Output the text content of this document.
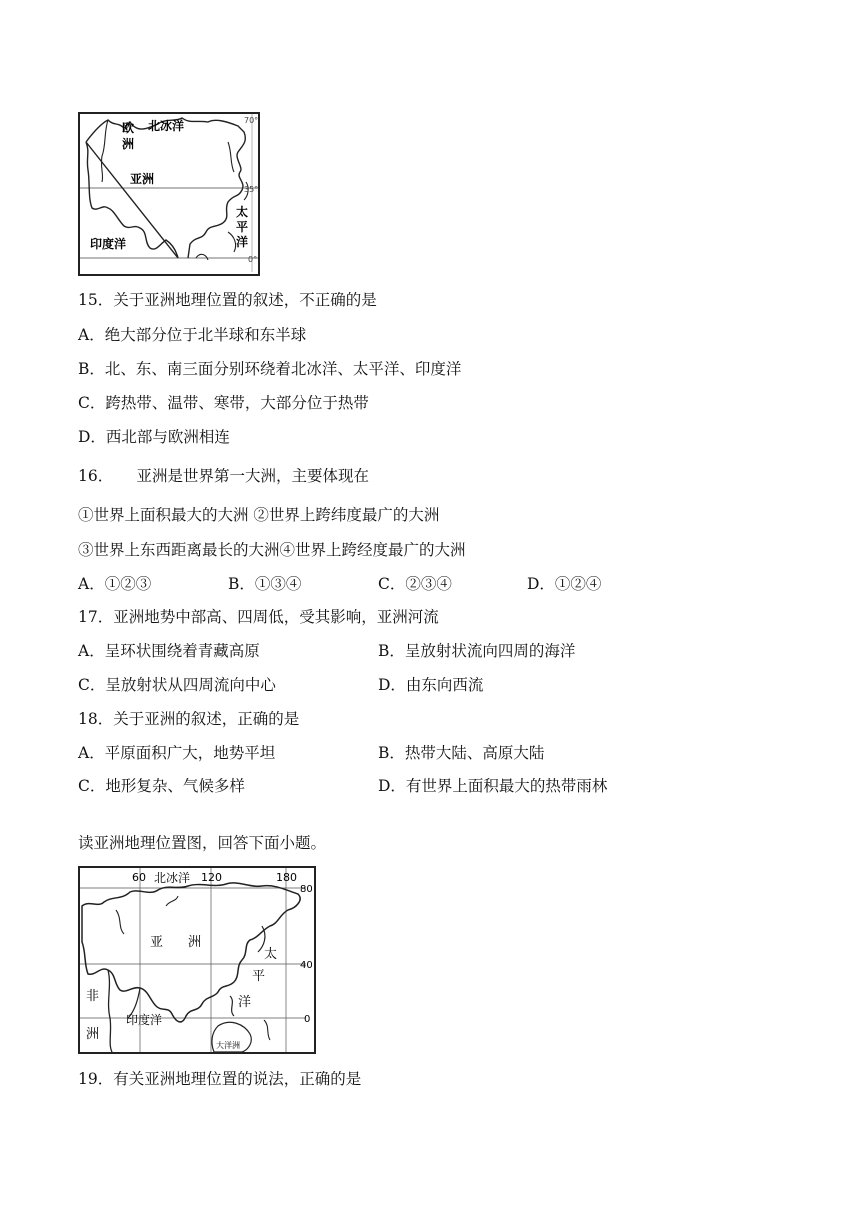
欧
洲
北冰洋
亚洲
印度洋
太
平
洋
70°
35°
0°
15．关于亚洲地理位置的叙述，不正确的是
A．绝大部分位于北半球和东半球
B．北、东、南三面分别环绕着北冰洋、太平洋、印度洋
C．跨热带、温带、寒带，大部分位于热带
D．西北部与欧洲相连
16．　　亚洲是世界第一大洲，主要体现在
①世界上面积最大的大洲 ②世界上跨纬度最广的大洲
③世界上东西距离最长的大洲④世界上跨经度最广的大洲
A．①②③	B．①③④	C．②③④	D．①②④
17．亚洲地势中部高、四周低，受其影响，亚洲河流
A．呈环状围绕着青藏高原	B．呈放射状流向四周的海洋
C．呈放射状从四周流向中心	D．由东向西流
18．关于亚洲的叙述，正确的是
A．平原面积广大，地势平坦	B．热带大陆、高原大陆
C．地形复杂、气候多样	D．有世界上面积最大的热带雨林
读亚洲地理位置图，回答下面小题。
60	120	180
80
40
0
北冰洋
亚 洲
太
平
洋
非
洲
印度洋
大洋洲
19．有关亚洲地理位置的说法，正确的是
